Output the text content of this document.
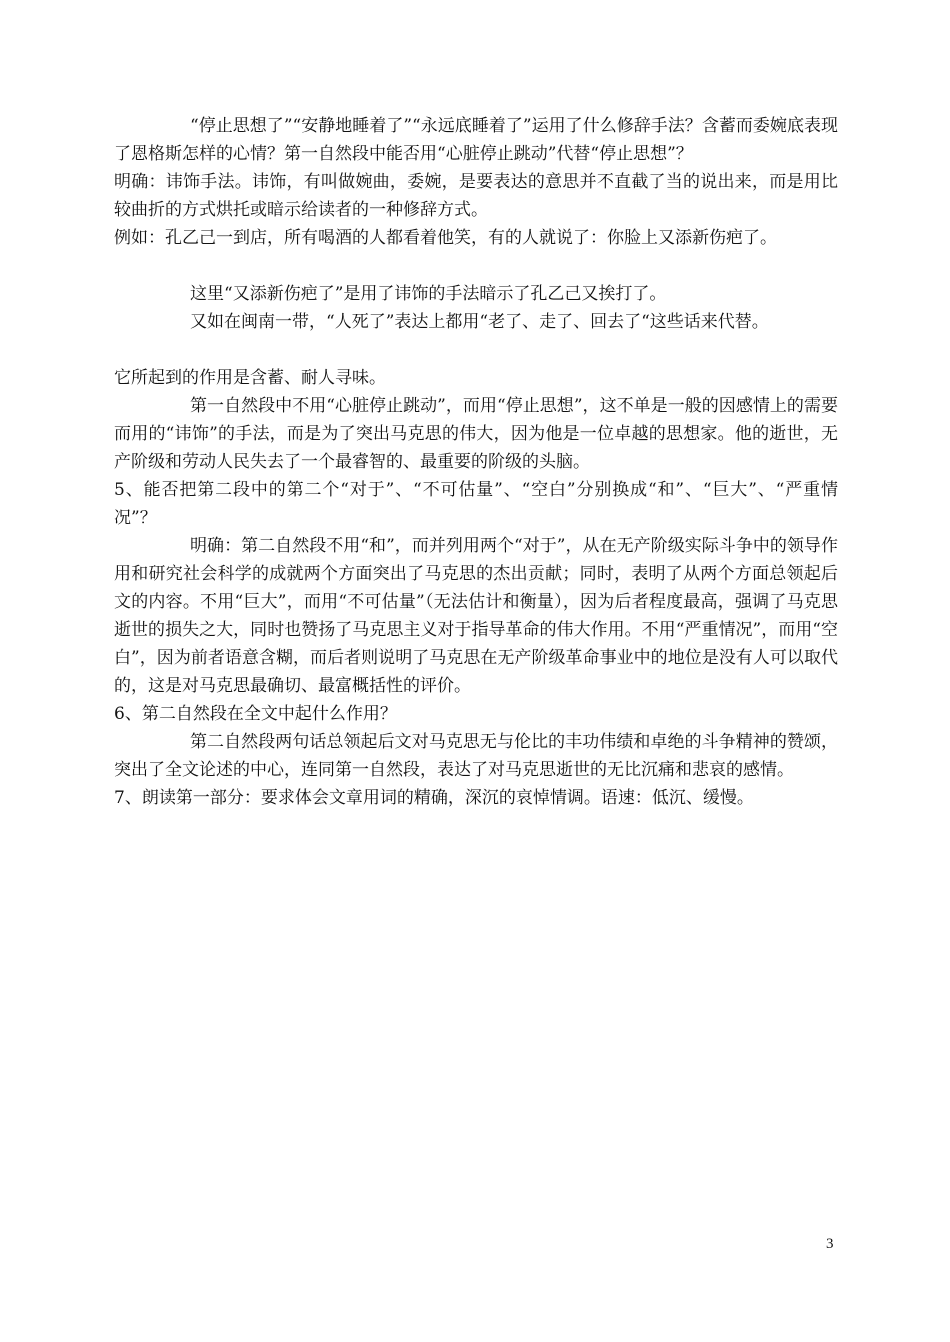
“停止思想了”“安静地睡着了”“永远底睡着了”运用了什么修辞手法？含蓄而委婉底表现了恩格斯怎样的心情？第一自然段中能否用“心脏停止跳动”代替“停止思想”？

明确：讳饰手法。讳饰，有叫做婉曲，委婉，是要表达的意思并不直截了当的说出来，而是用比较曲折的方式烘托或暗示给读者的一种修辞方式。

例如：孔乙己一到店，所有喝酒的人都看着他笑，有的人就说了：你脸上又添新伤疤了。

这里“又添新伤疤了”是用了讳饰的手法暗示了孔乙己又挨打了。

又如在闽南一带，“人死了”表达上都用“老了、走了、回去了“这些话来代替。

它所起到的作用是含蓄、耐人寻味。

第一自然段中不用“心脏停止跳动”，而用“停止思想”，这不单是一般的因感情上的需要而用的“讳饰”的手法，而是为了突出马克思的伟大，因为他是一位卓越的思想家。他的逝世，无产阶级和劳动人民失去了一个最睿智的、最重要的阶级的头脑。

5、能否把第二段中的第二个“对于”、“不可估量”、“空白”分别换成“和”、“巨大”、“严重情况”？

明确：第二自然段不用“和”，而并列用两个“对于”，从在无产阶级实际斗争中的领导作用和研究社会科学的成就两个方面突出了马克思的杰出贡献；同时，表明了从两个方面总领起后文的内容。不用“巨大”，而用“不可估量”（无法估计和衡量），因为后者程度最高，强调了马克思逝世的损失之大，同时也赞扬了马克思主义对于指导革命的伟大作用。不用“严重情况”，而用“空白”，因为前者语意含糊，而后者则说明了马克思在无产阶级革命事业中的地位是没有人可以取代的，这是对马克思最确切、最富概括性的评价。

6、第二自然段在全文中起什么作用？

第二自然段两句话总领起后文对马克思无与伦比的丰功伟绩和卓绝的斗争精神的赞颂，突出了全文论述的中心，连同第一自然段，表达了对马克思逝世的无比沉痛和悲哀的感情。

7、朗读第一部分：要求体会文章用词的精确，深沉的哀悼情调。语速：低沉、缓慢。

3
